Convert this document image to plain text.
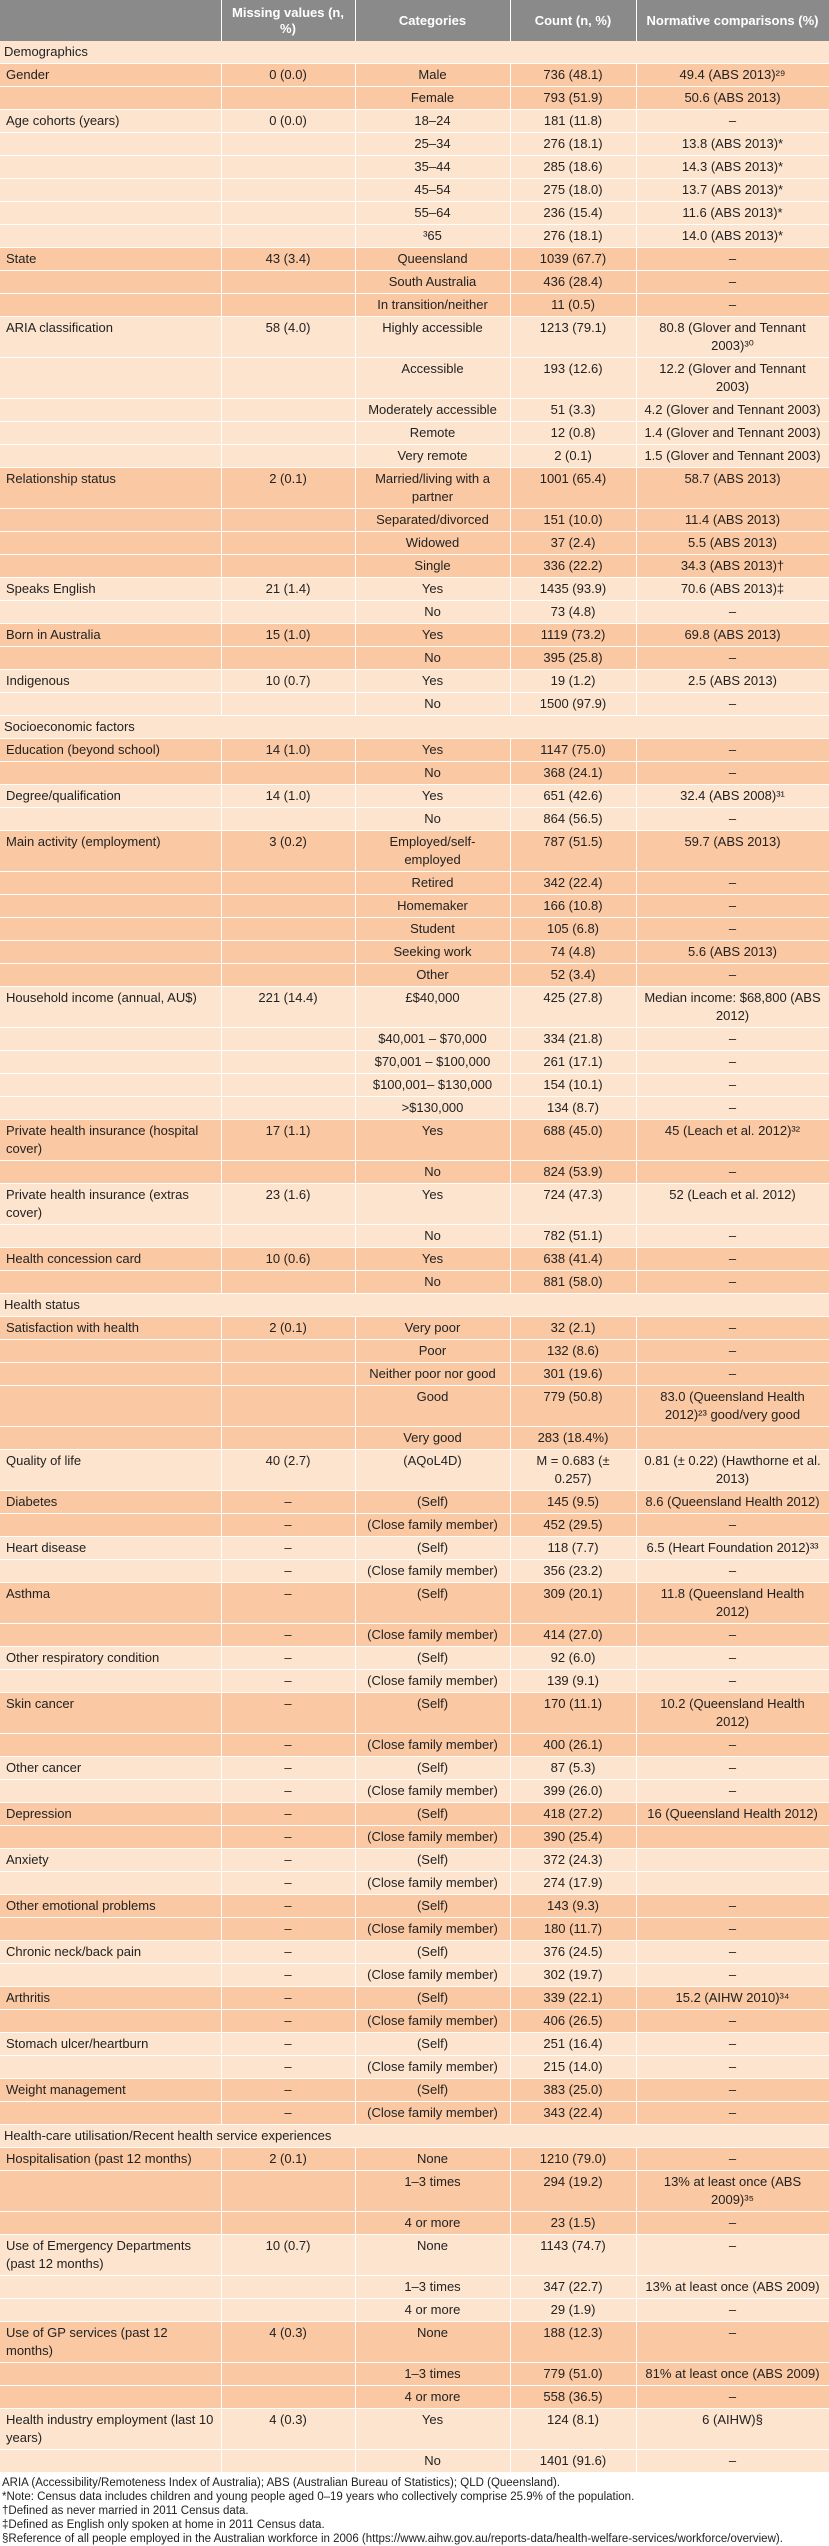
	Missing values (n, %)	Categories	Count (n, %)	Normative comparisons (%)
Demographics				
Gender	0 (0.0)	Male	736 (48.1)	49.4 (ABS 2013)²⁹
		Female	793 (51.9)	50.6 (ABS 2013)
Age cohorts (years)	0 (0.0)	18–24	181 (11.8)	–
		25–34	276 (18.1)	13.8 (ABS 2013)*
		35–44	285 (18.6)	14.3 (ABS 2013)*
		45–54	275 (18.0)	13.7 (ABS 2013)*
		55–64	236 (15.4)	11.6 (ABS 2013)*
		³65	276 (18.1)	14.0 (ABS 2013)*
State	43 (3.4)	Queensland	1039 (67.7)	–
		South Australia	436 (28.4)	–
		In transition/neither	11 (0.5)	–
ARIA classification	58 (4.0)	Highly accessible	1213 (79.1)	80.8 (Glover and Tennant 2003)³⁰
		Accessible	193 (12.6)	12.2 (Glover and Tennant 2003)
		Moderately accessible	51 (3.3)	4.2 (Glover and Tennant 2003)
		Remote	12 (0.8)	1.4 (Glover and Tennant 2003)
		Very remote	2 (0.1)	1.5 (Glover and Tennant 2003)
Relationship status	2 (0.1)	Married/living with a partner	1001 (65.4)	58.7 (ABS 2013)
		Separated/divorced	151 (10.0)	11.4 (ABS 2013)
		Widowed	37 (2.4)	5.5 (ABS 2013)
		Single	336 (22.2)	34.3 (ABS 2013)†
Speaks English	21 (1.4)	Yes	1435 (93.9)	70.6 (ABS 2013)‡
		No	73 (4.8)	–
Born in Australia	15 (1.0)	Yes	1119 (73.2)	69.8 (ABS 2013)
		No	395 (25.8)	–
Indigenous	10 (0.7)	Yes	19 (1.2)	2.5 (ABS 2013)
		No	1500 (97.9)	–
Socioeconomic factors				
Education (beyond school)	14 (1.0)	Yes	1147 (75.0)	–
		No	368 (24.1)	–
Degree/qualification	14 (1.0)	Yes	651 (42.6)	32.4 (ABS 2008)³¹
		No	864 (56.5)	–
Main activity (employment)	3 (0.2)	Employed/self-employed	787 (51.5)	59.7 (ABS 2013)
		Retired	342 (22.4)	–
		Homemaker	166 (10.8)	–
		Student	105 (6.8)	–
		Seeking work	74 (4.8)	5.6 (ABS 2013)
		Other	52 (3.4)	–
Household income (annual, AU$)	221 (14.4)	£$40,000	425 (27.8)	Median income: $68,800 (ABS 2012)
		$40,001 – $70,000	334 (21.8)	–
		$70,001 – $100,000	261 (17.1)	–
		$100,001– $130,000	154 (10.1)	–
		>$130,000	134 (8.7)	–
Private health insurance (hospital cover)	17 (1.1)	Yes	688 (45.0)	45 (Leach et al. 2012)³²
		No	824 (53.9)	–
Private health insurance (extras cover)	23 (1.6)	Yes	724 (47.3)	52 (Leach et al. 2012)
		No	782 (51.1)	–
Health concession card	10 (0.6)	Yes	638 (41.4)	–
		No	881 (58.0)	–
Health status				
Satisfaction with health	2 (0.1)	Very poor	32 (2.1)	–
		Poor	132 (8.6)	–
		Neither poor nor good	301 (19.6)	–
		Good	779 (50.8)	83.0 (Queensland Health 2012)²³ good/very good
		Very good	283 (18.4%)	
Quality of life	40 (2.7)	(AQoL4D)	M = 0.683 (± 0.257)	0.81 (± 0.22) (Hawthorne et al. 2013)
Diabetes	–	(Self)	145 (9.5)	8.6 (Queensland Health 2012)
	–	(Close family member)	452 (29.5)	–
Heart disease	–	(Self)	118 (7.7)	6.5 (Heart Foundation 2012)³³
	–	(Close family member)	356 (23.2)	–
Asthma	–	(Self)	309 (20.1)	11.8 (Queensland Health 2012)
	–	(Close family member)	414 (27.0)	–
Other respiratory condition	–	(Self)	92 (6.0)	–
	–	(Close family member)	139 (9.1)	–
Skin cancer	–	(Self)	170 (11.1)	10.2 (Queensland Health 2012)
	–	(Close family member)	400 (26.1)	–
Other cancer	–	(Self)	87 (5.3)	–
	–	(Close family member)	399 (26.0)	–
Depression	–	(Self)	418 (27.2)	16 (Queensland Health 2012)
	–	(Close family member)	390 (25.4)	
Anxiety	–	(Self)	372 (24.3)	
	–	(Close family member)	274 (17.9)	
Other emotional problems	–	(Self)	143 (9.3)	–
	–	(Close family member)	180 (11.7)	–
Chronic neck/back pain	–	(Self)	376 (24.5)	–
	–	(Close family member)	302 (19.7)	–
Arthritis	–	(Self)	339 (22.1)	15.2 (AIHW 2010)³⁴
	–	(Close family member)	406 (26.5)	–
Stomach ulcer/heartburn	–	(Self)	251 (16.4)	–
	–	(Close family member)	215 (14.0)	–
Weight management	–	(Self)	383 (25.0)	–
	–	(Close family member)	343 (22.4)	–
Health-care utilisation/Recent health service experiences				
Hospitalisation (past 12 months)	2 (0.1)	None	1210 (79.0)	–
		1–3 times	294 (19.2)	13% at least once (ABS 2009)³⁵
		4 or more	23 (1.5)	–
Use of Emergency Departments (past 12 months)	10 (0.7)	None	1143 (74.7)	–
		1–3 times	347 (22.7)	13% at least once (ABS 2009)
		4 or more	29 (1.9)	–
Use of GP services (past 12 months)	4 (0.3)	None	188 (12.3)	–
		1–3 times	779 (51.0)	81% at least once (ABS 2009)
		4 or more	558 (36.5)	–
Health industry employment (last 10 years)	4 (0.3)	Yes	124 (8.1)	6 (AIHW)§
		No	1401 (91.6)	–

ARIA (Accessibility/Remoteness Index of Australia); ABS (Australian Bureau of Statistics); QLD (Queensland).

*Note: Census data includes children and young people aged 0–19 years who collectively comprise 25.9% of the population.

†Defined as never married in 2011 Census data.

‡Defined as English only spoken at home in 2011 Census data.

§Reference of all people employed in the Australian workforce in 2006 (https://www.aihw.gov.au/reports-data/health-welfare-services/workforce/overview).
